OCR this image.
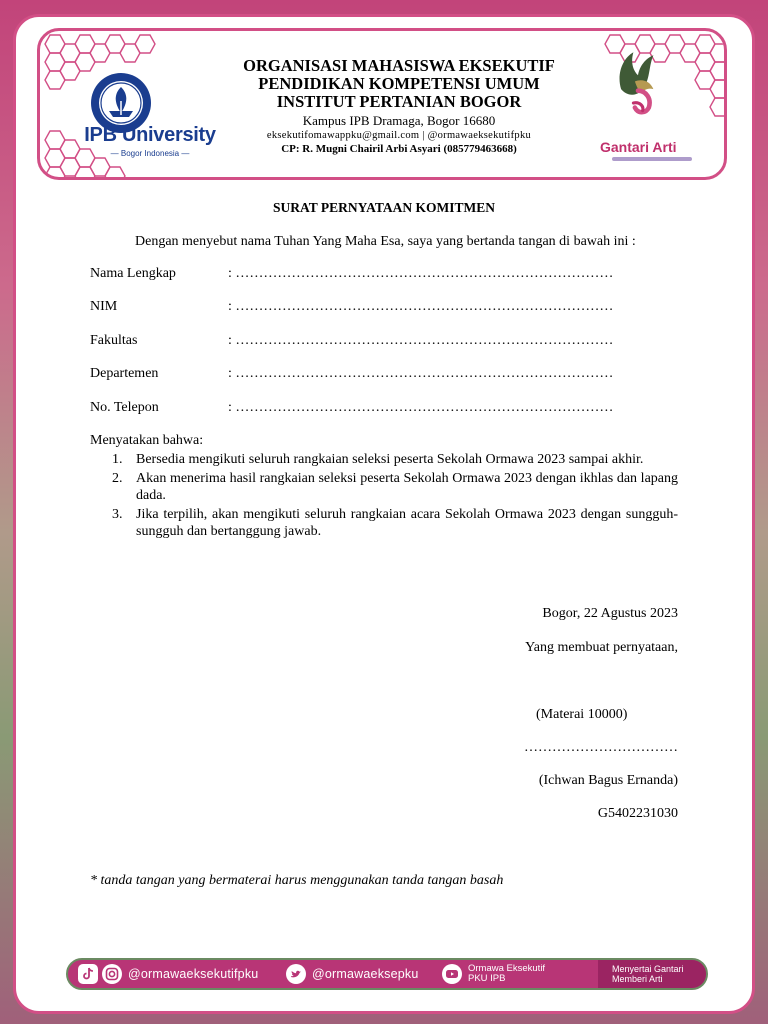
IPB University
— Bogor Indonesia —
ORGANISASI MAHASISWA EKSEKUTIF
PENDIDIKAN KOMPETENSI UMUM
INSTITUT PERTANIAN BOGOR
Kampus IPB Dramaga, Bogor 16680
eksekutifomawappku@gmail.com | @ormawaeksekutifpku
CP: R. Mugni Chairil Arbi Asyari (085779463668)	Gantari Arti
SURAT PERNYATAAN KOMITMEN
Dengan menyebut nama Tuhan Yang Maha Esa, saya yang bertanda tangan di bawah ini :
Nama Lengkap	: ………………………………………………………………………
NIM	: ………………………………………………………………………
Fakultas	: ………………………………………………………………………
Departemen	: ………………………………………………………………………
No. Telepon	: ………………………………………………………………………
Menyatakan bahwa:
1. Bersedia mengikuti seluruh rangkaian seleksi peserta Sekolah Ormawa 2023 sampai akhir.
2. Akan menerima hasil rangkaian seleksi peserta Sekolah Ormawa 2023 dengan ikhlas dan lapang dada.
3. Jika terpilih, akan mengikuti seluruh rangkaian acara Sekolah Ormawa 2023 dengan sungguh-sungguh dan bertanggung jawab.
Bogor, 22 Agustus 2023
Yang membuat pernyataan,
(Materai 10000)
……………………………
(Ichwan Bagus Ernanda)
G5402231030
* tanda tangan yang bermaterai harus menggunakan tanda tangan basah
@ormawaeksekutifpku	@ormawaeksepku	Ormawa Eksekutif
PKU IPB
Menyertai Gantari
Memberi Arti
